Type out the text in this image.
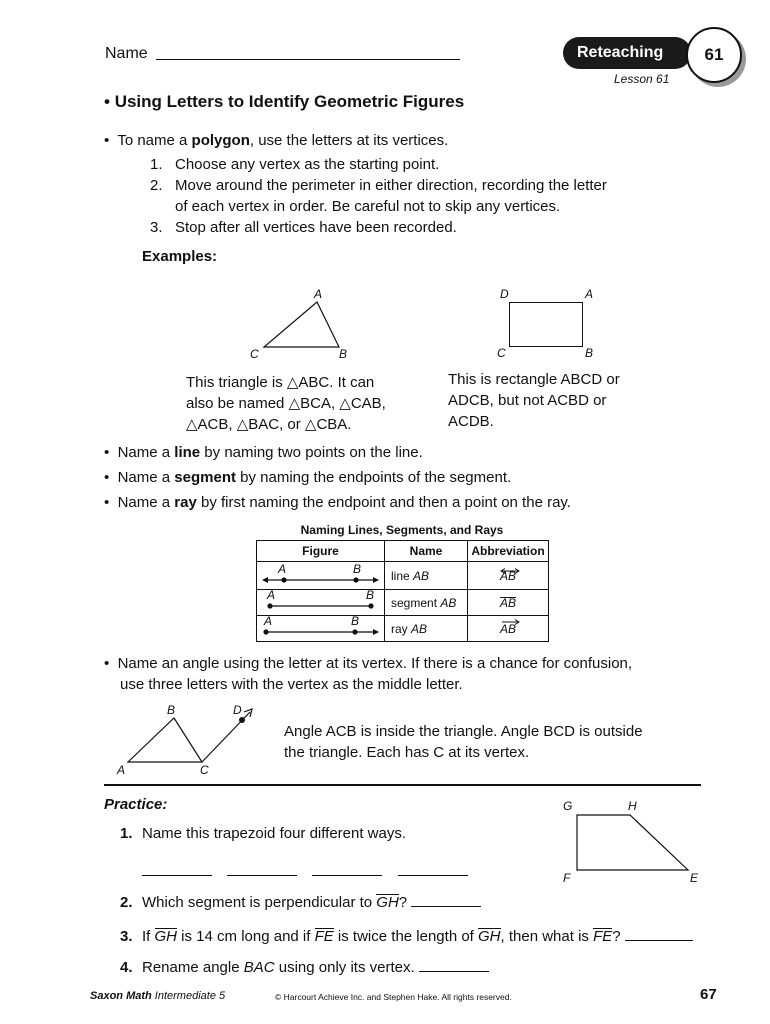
Name	Reteaching	61
Lesson 61
• Using Letters to Identify Geometric Figures
•  To name a polygon, use the letters at its vertices.
1. Choose any vertex as the starting point.
2. Move around the perimeter in either direction, recording the letter
of each vertex in order. Be careful not to skip any vertices.
3. Stop after all vertices have been recorded.
Examples:
A
C	B
This triangle is △ABC. It can
also be named △BCA, △CAB,
△ACB, △BAC, or △CBA.
D	A
C	B
This is rectangle ABCD or
ADCB, but not ACBD or
ACDB.
•  Name a line by naming two points on the line.
•  Name a segment by naming the endpoints of the segment.
•  Name a ray by first naming the endpoint and then a point on the ray.
Naming Lines, Segments, and Rays
Figure	Name	Abbreviation
	line AB	AB
	segment AB	AB
	ray AB	AB
A	B
A	B
A	B
•  Name an angle using the letter at its vertex. If there is a chance for confusion,
use three letters with the vertex as the middle letter.
B	D
A	C
Angle ACB is inside the triangle. Angle BCD is outside
the triangle. Each has C at its vertex.
Practice:	G	H
F	E
1. Name this trapezoid four different ways.
2. Which segment is perpendicular to GH?
3. If GH is 14 cm long and if FE is twice the length of GH, then what is FE?
4. Rename angle BAC using only its vertex.
Saxon Math Intermediate 5	© Harcourt Achieve Inc. and Stephen Hake. All rights reserved.	67
